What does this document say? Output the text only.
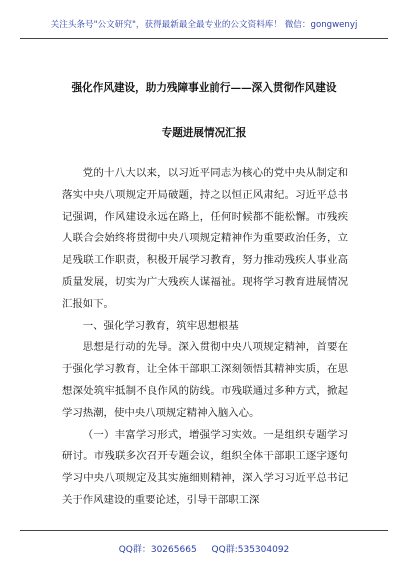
关注头条号"公文研究"，获得最新最全最专业的公文资料库！ 微信：gongwenyj
强化作风建设，助力残障事业前行——深入贯彻作风建设
专题进展情况汇报

党的十八大以来，以习近平同志为核心的党中央从制定和落实中央八项规定开局破题，持之以恒正风肃纪。习近平总书记强调，作风建设永远在路上，任何时候都不能松懈。市残疾人联合会始终将贯彻中央八项规定精神作为重要政治任务，立足残联工作职责，积极开展学习教育，努力推动残疾人事业高质量发展，切实为广大残疾人谋福祉。现将学习教育进展情况汇报如下。

一、强化学习教育，筑牢思想根基

思想是行动的先导。深入贯彻中央八项规定精神，首要在于强化学习教育，让全体干部职工深刻领悟其精神实质，在思想深处筑牢抵制不良作风的防线。市残联通过多种方式，掀起学习热潮，使中央八项规定精神入脑入心。

（一）丰富学习形式，增强学习实效。一是组织专题学习研讨。市残联多次召开专题会议，组织全体干部职工逐字逐句学习中央八项规定及其实施细则精神，深入学习习近平总书记关于作风建设的重要论述，引导干部职工深

QQ群：30265665 QQ群:535304092
